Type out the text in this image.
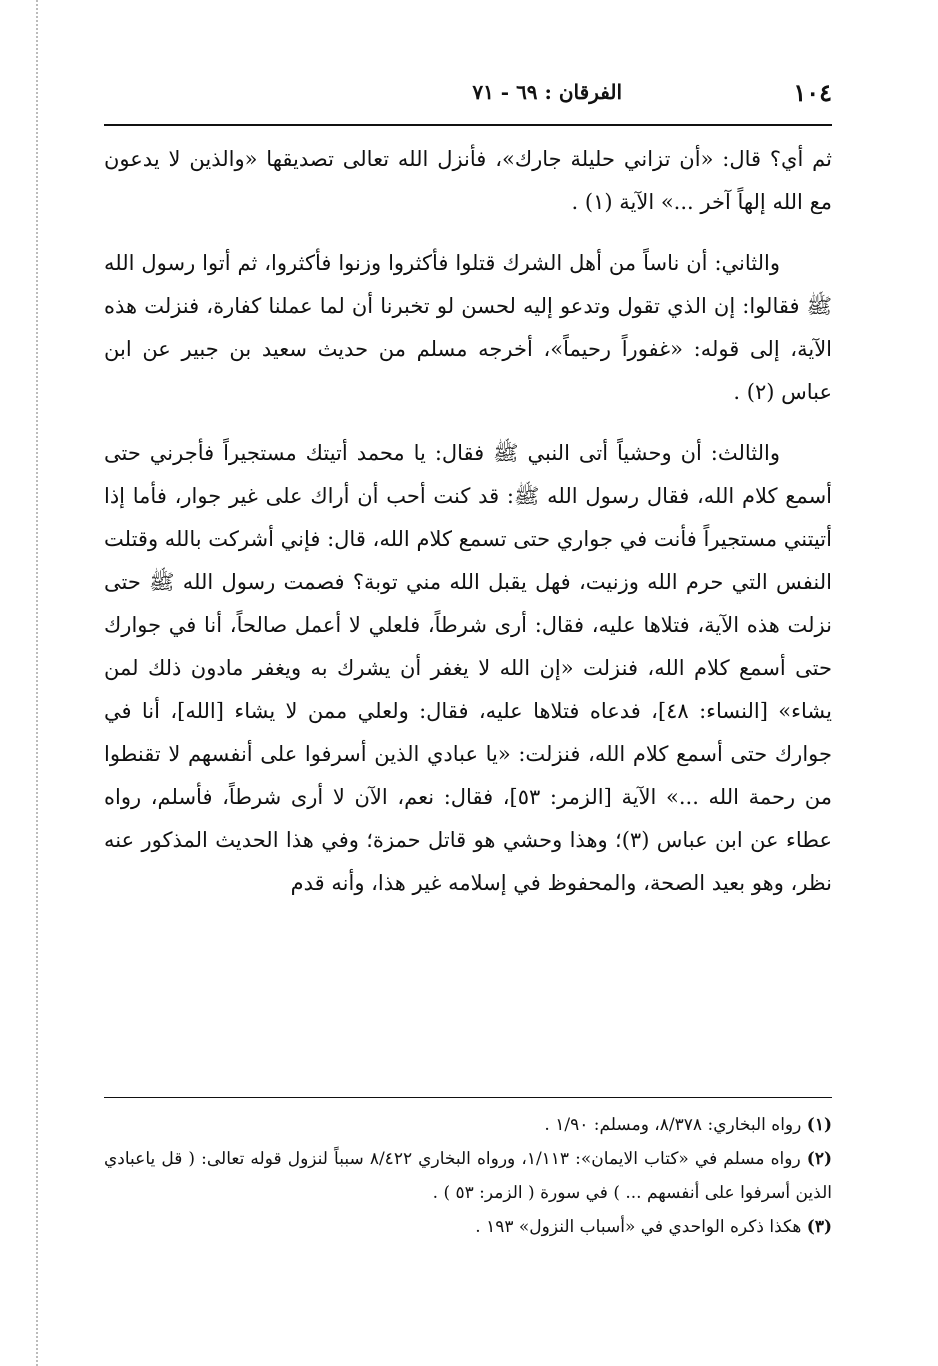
١٠٤
الفرقان : ٦٩ - ٧١

ثم أي؟ قال: «أن تزاني حليلة جارك»، فأنزل الله تعالى تصديقها «والذين لا يدعون مع الله إلهاً آخر ...» الآية (١) .

والثاني: أن ناساً من أهل الشرك قتلوا فأكثروا وزنوا فأكثروا، ثم أتوا رسول الله ﷺ فقالوا: إن الذي تقول وتدعو إليه لحسن لو تخبرنا أن لما عملنا كفارة، فنزلت هذه الآية، إلى قوله: «غفوراً رحيماً»، أخرجه مسلم من حديث سعيد بن جبير عن ابن عباس (٢) .

والثالث: أن وحشياً أتى النبي ﷺ فقال: يا محمد أتيتك مستجيراً فأجرني حتى أسمع كلام الله، فقال رسول الله ﷺ: قد كنت أحب أن أراك على غير جوار، فأما إذا أتيتني مستجيراً فأنت في جواري حتى تسمع كلام الله، قال: فإني أشركت بالله وقتلت النفس التي حرم الله وزنيت، فهل يقبل الله مني توبة؟ فصمت رسول الله ﷺ حتى نزلت هذه الآية، فتلاها عليه، فقال: أرى شرطاً، فلعلي لا أعمل صالحاً، أنا في جوارك حتى أسمع كلام الله، فنزلت «إن الله لا يغفر أن يشرك به ويغفر مادون ذلك لمن يشاء» [النساء: ٤٨]، فدعاه فتلاها عليه، فقال: ولعلي ممن لا يشاء [الله]، أنا في جوارك حتى أسمع كلام الله، فنزلت: «يا عبادي الذين أسرفوا على أنفسهم لا تقنطوا من رحمة الله ...» الآية [الزمر: ٥٣]، فقال: نعم، الآن لا أرى شرطاً، فأسلم، رواه عطاء عن ابن عباس (٣)؛ وهذا وحشي هو قاتل حمزة؛ وفي هذا الحديث المذكور عنه نظر، وهو بعيد الصحة، والمحفوظ في إسلامه غير هذا، وأنه قدم

(١) رواه البخاري: ٨/٣٧٨، ومسلم: ١/٩٠ .

(٢) رواه مسلم في «كتاب الايمان»: ١/١١٣، ورواه البخاري ٨/٤٢٢ سبباً لنزول قوله تعالى: ( قل ياعبادي الذين أسرفوا على أنفسهم ... ) في سورة ( الزمر: ٥٣ ) .

(٣) هكذا ذكره الواحدي في «أسباب النزول» ١٩٣ .
